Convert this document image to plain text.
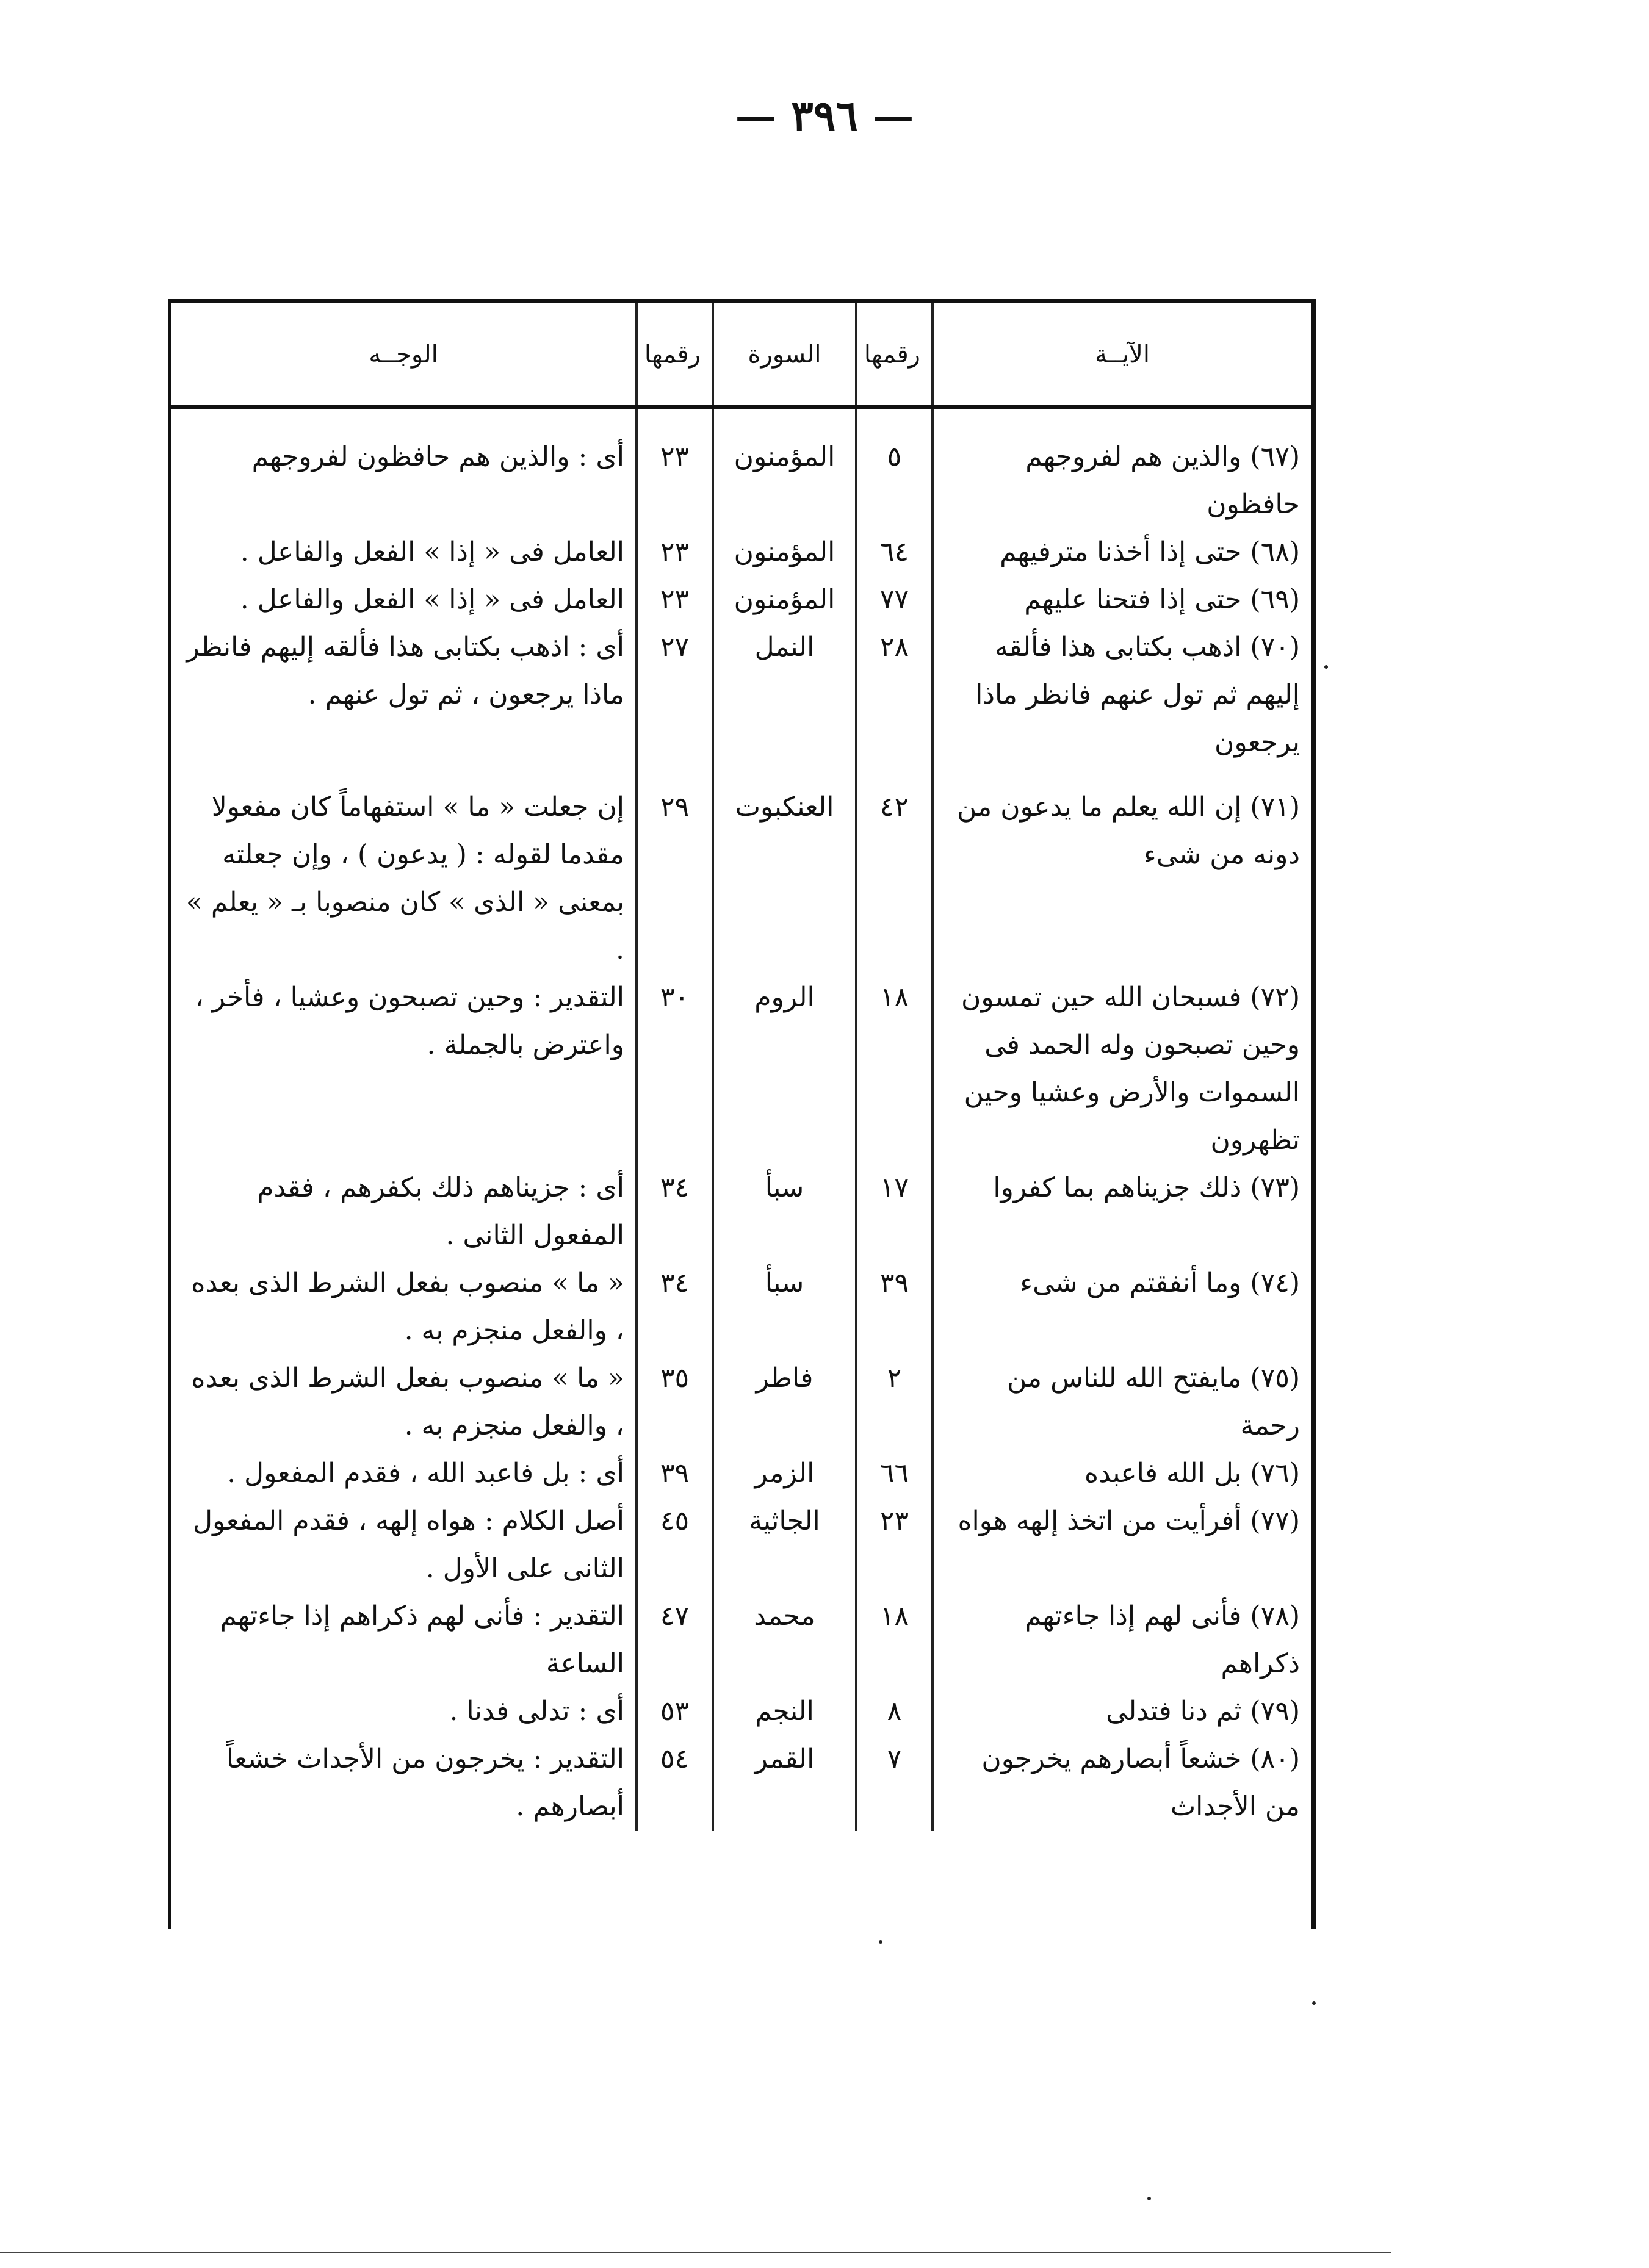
— ٣٩٦ —
الآيــة	رقمها	السورة	رقمها	الوجــه
(٦٧) والذين هم لفروجهم حافظون	٥	المؤمنون	٢٣	أى : والذين هم حافظون لفروجهم
(٦٨) حتى إذا أخذنا مترفيهم	٦٤	المؤمنون	٢٣	العامل فى « إذا » الفعل والفاعل .
(٦٩) حتى إذا فتحنا عليهم	٧٧	المؤمنون	٢٣	العامل فى « إذا » الفعل والفاعل .
(٧٠) اذهب بكتابى هذا فألقه إليهم ثم تول عنهم فانظر ماذا يرجعون	٢٨	النمل	٢٧	أى : اذهب بكتابى هذا فألقه إليهم فانظر ماذا يرجعون ، ثم تول عنهم .

(٧١) إن الله يعلم ما يدعون من دونه من شىء	٤٢	العنكبوت	٢٩	إن جعلت « ما » استفهاماً كان مفعولا مقدما لقوله : ( يدعون ) ، وإن جعلته بمعنى « الذى » كان منصوبا بـ « يعلم » .
(٧٢) فسبحان الله حين تمسون وحين تصبحون وله الحمد فى السموات والأرض وعشيا وحين تظهرون	١٨	الروم	٣٠	التقدير : وحين تصبحون وعشيا ، فأخر ، واعترض بالجملة .
(٧٣) ذلك جزيناهم بما كفروا	١٧	سبأ	٣٤	أى : جزيناهم ذلك بكفرهم ، فقدم المفعول الثانى .
(٧٤) وما أنفقتم من شىء	٣٩	سبأ	٣٤	« ما » منصوب بفعل الشرط الذى بعده ، والفعل منجزم به .
(٧٥) مايفتح الله للناس من رحمة	٢	فاطر	٣٥	« ما » منصوب بفعل الشرط الذى بعده ، والفعل منجزم به .
(٧٦) بل الله فاعبده	٦٦	الزمر	٣٩	أى : بل فاعبد الله ، فقدم المفعول .
(٧٧) أفرأيت من اتخذ إلهه هواه	٢٣	الجاثية	٤٥	أصل الكلام : هواه إلهه ، فقدم المفعول الثانى على الأول .
(٧٨) فأنى لهم إذا جاءتهم ذكراهم	١٨	محمد	٤٧	التقدير : فأنى لهم ذكراهم إذا جاءتهم الساعة
(٧٩) ثم دنا فتدلى	٨	النجم	٥٣	أى : تدلى فدنا .
(٨٠) خشعاً أبصارهم يخرجون من الأجداث	٧	القمر	٥٤	التقدير : يخرجون من الأجداث خشعاً أبصارهم .
